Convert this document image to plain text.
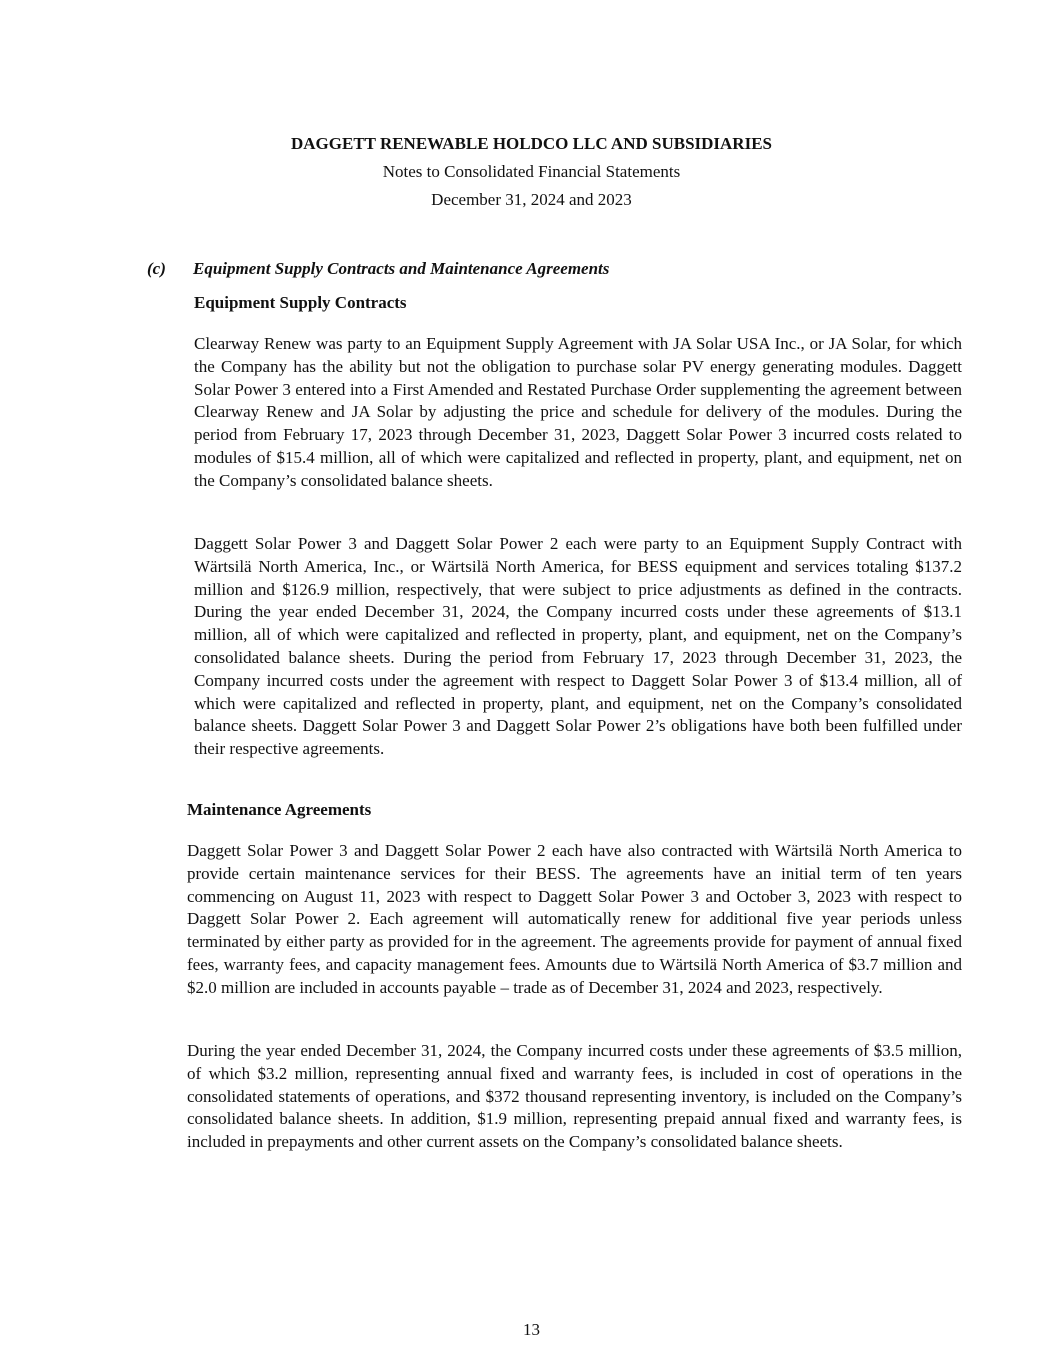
DAGGETT RENEWABLE HOLDCO LLC AND SUBSIDIARIES
Notes to Consolidated Financial Statements
December 31, 2024 and 2023
(c) Equipment Supply Contracts and Maintenance Agreements
Equipment Supply Contracts

Clearway Renew was party to an Equipment Supply Agreement with JA Solar USA Inc., or JA Solar, for which the Company has the ability but not the obligation to purchase solar PV energy generating modules. Daggett Solar Power 3 entered into a First Amended and Restated Purchase Order supplementing the agreement between Clearway Renew and JA Solar by adjusting the price and schedule for delivery of the modules. During the period from February 17, 2023 through December 31, 2023, Daggett Solar Power 3 incurred costs related to modules of $15.4 million, all of which were capitalized and reflected in property, plant, and equipment, net on the Company’s consolidated balance sheets.

Daggett Solar Power 3 and Daggett Solar Power 2 each were party to an Equipment Supply Contract with Wärtsilä North America, Inc., or Wärtsilä North America, for BESS equipment and services totaling $137.2 million and $126.9 million, respectively, that were subject to price adjustments as defined in the contracts. During the year ended December 31, 2024, the Company incurred costs under these agreements of $13.1 million, all of which were capitalized and reflected in property, plant, and equipment, net on the Company’s consolidated balance sheets. During the period from February 17, 2023 through December 31, 2023, the Company incurred costs under the agreement with respect to Daggett Solar Power 3 of $13.4 million, all of which were capitalized and reflected in property, plant, and equipment, net on the Company’s consolidated balance sheets. Daggett Solar Power 3 and Daggett Solar Power 2’s obligations have both been fulfilled under their respective agreements.

Maintenance Agreements

Daggett Solar Power 3 and Daggett Solar Power 2 each have also contracted with Wärtsilä North America to provide certain maintenance services for their BESS. The agreements have an initial term of ten years commencing on August 11, 2023 with respect to Daggett Solar Power 3 and October 3, 2023 with respect to Daggett Solar Power 2. Each agreement will automatically renew for additional five year periods unless terminated by either party as provided for in the agreement. The agreements provide for payment of annual fixed fees, warranty fees, and capacity management fees. Amounts due to Wärtsilä North America of $3.7 million and $2.0 million are included in accounts payable – trade as of December 31, 2024 and 2023, respectively.

During the year ended December 31, 2024, the Company incurred costs under these agreements of $3.5 million, of which $3.2 million, representing annual fixed and warranty fees, is included in cost of operations in the consolidated statements of operations, and $372 thousand representing inventory, is included on the Company’s consolidated balance sheets. In addition, $1.9 million, representing prepaid annual fixed and warranty fees, is included in prepayments and other current assets on the Company’s consolidated balance sheets.

13
